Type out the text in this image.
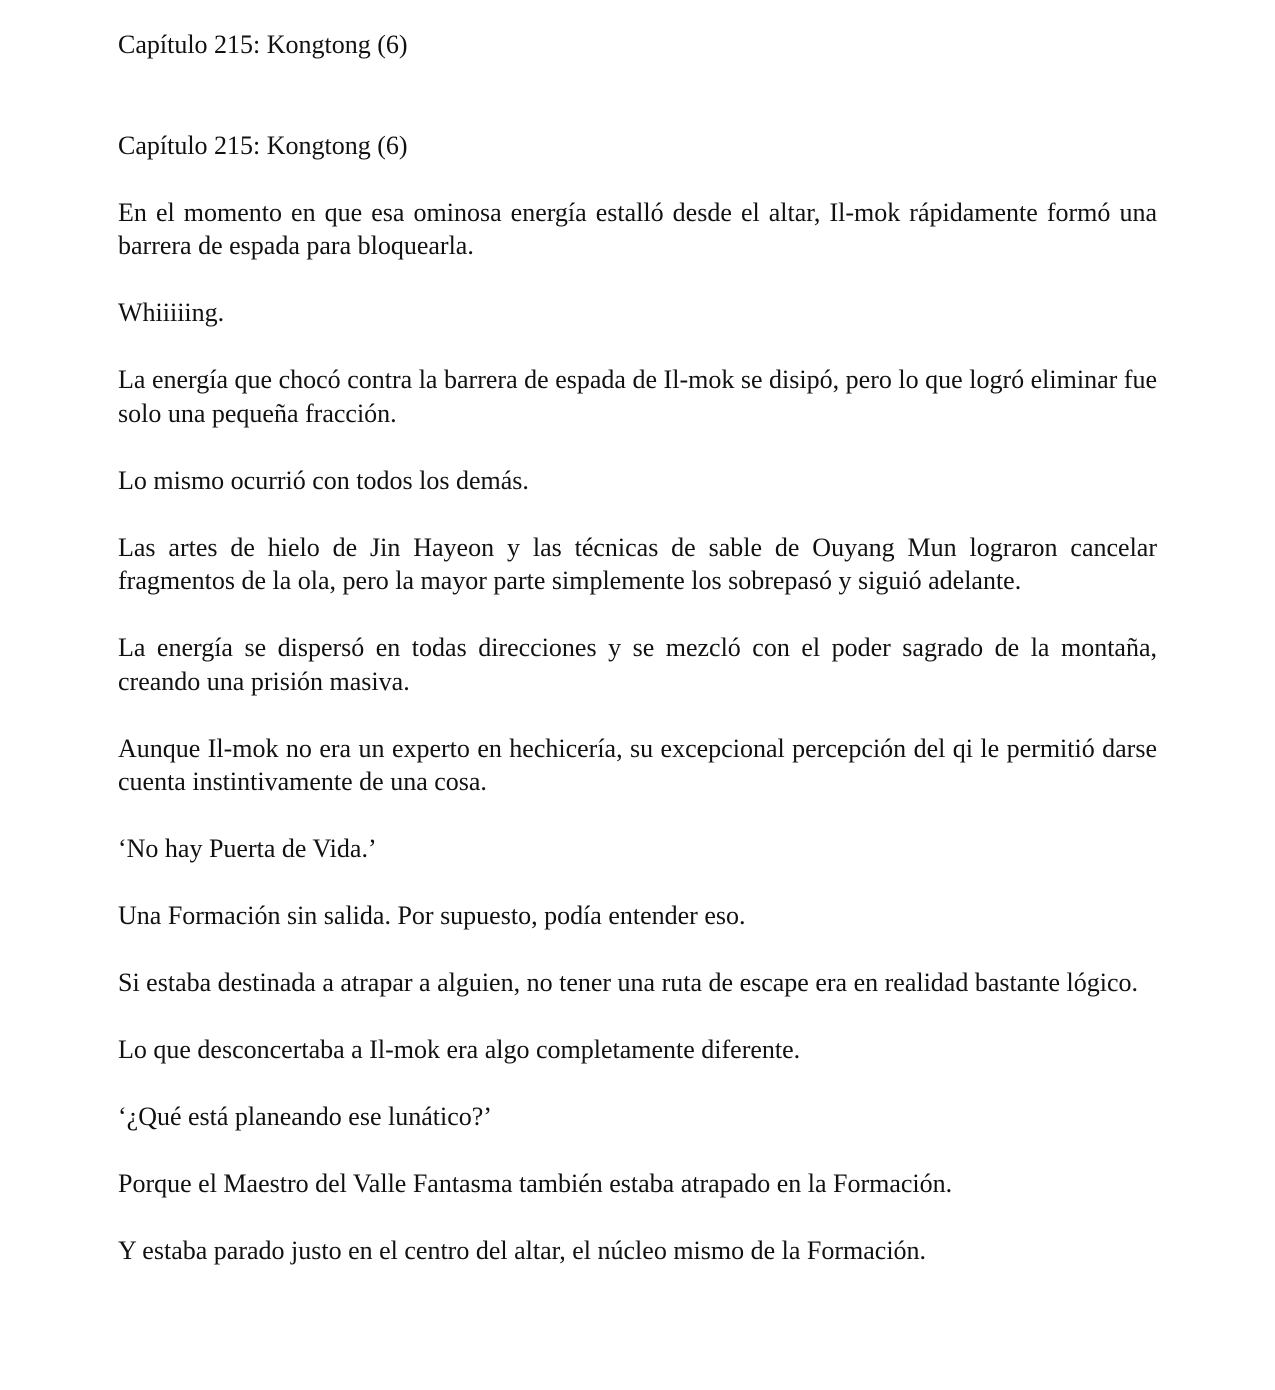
Capítulo 215: Kongtong (6)
Capítulo 215: Kongtong (6)

En el momento en que esa ominosa energía estalló desde el altar, Il-mok rápidamente formó una barrera de espada para bloquearla.

Whiiiiing.

La energía que chocó contra la barrera de espada de Il-mok se disipó, pero lo que logró eliminar fue solo una pequeña fracción.

Lo mismo ocurrió con todos los demás.

Las artes de hielo de Jin Hayeon y las técnicas de sable de Ouyang Mun lograron cancelar fragmentos de la ola, pero la mayor parte simplemente los sobrepasó y siguió adelante.

La energía se dispersó en todas direcciones y se mezcló con el poder sagrado de la montaña, creando una prisión masiva.

Aunque Il-mok no era un experto en hechicería, su excepcional percepción del qi le permitió darse cuenta instintivamente de una cosa.

‘No hay Puerta de Vida.’

Una Formación sin salida. Por supuesto, podía entender eso.

Si estaba destinada a atrapar a alguien, no tener una ruta de escape era en realidad bastante lógico.

Lo que desconcertaba a Il-mok era algo completamente diferente.

‘¿Qué está planeando ese lunático?’

Porque el Maestro del Valle Fantasma también estaba atrapado en la Formación.

Y estaba parado justo en el centro del altar, el núcleo mismo de la Formación.
